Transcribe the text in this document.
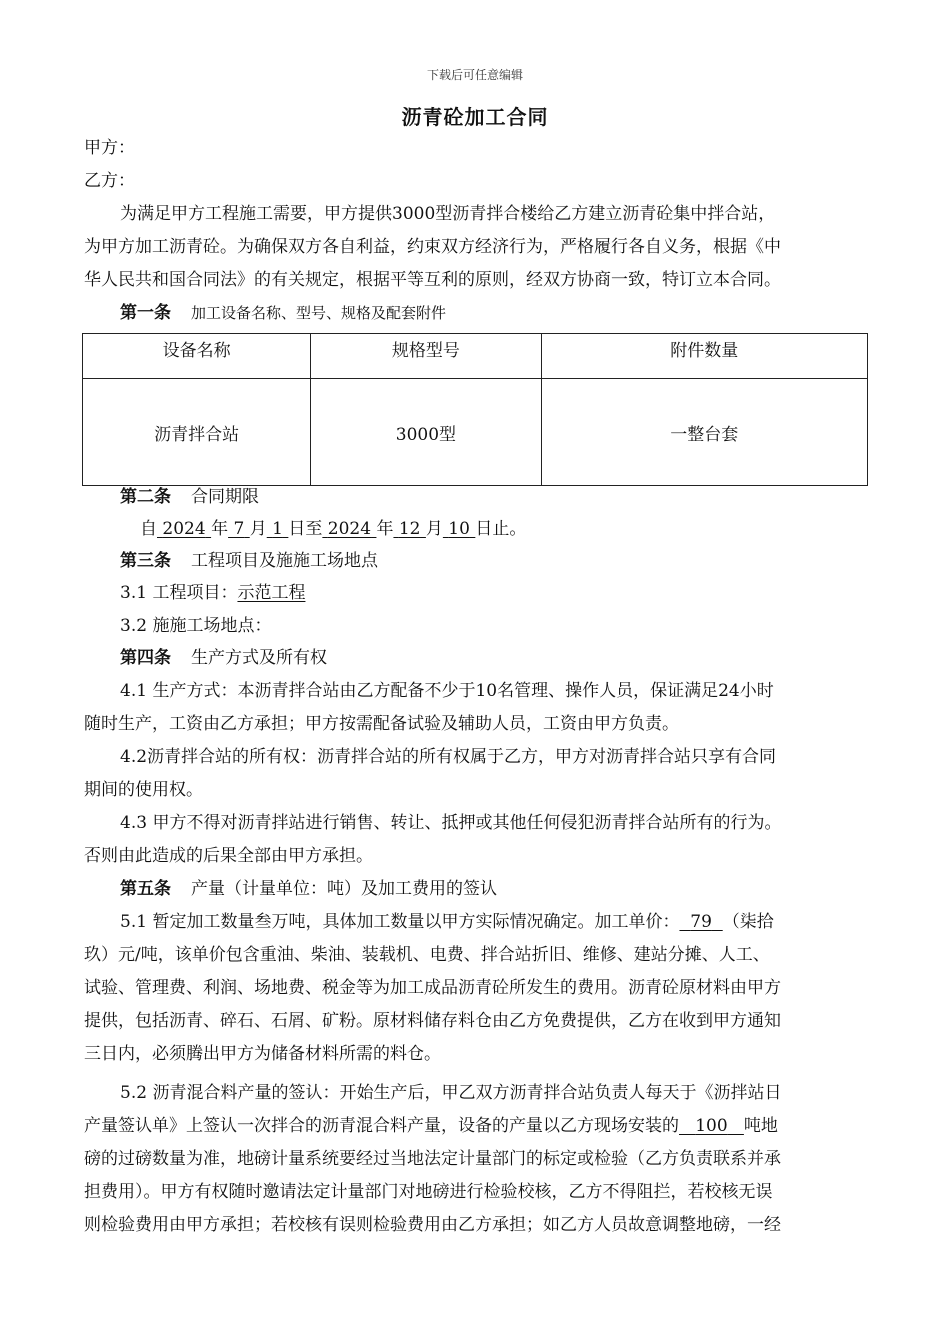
下载后可任意编辑
沥青砼加工合同
甲方：
乙方：
为满足甲方工程施工需要，甲方提供3000型沥青拌合楼给乙方建立沥青砼集中拌合站，
为甲方加工沥青砼。为确保双方各自利益，约束双方经济行为，严格履行各自义务，根据《中
华人民共和国合同法》的有关规定，根据平等互利的原则，经双方协商一致，特订立本合同。
第一条 加工设备名称、型号、规格及配套附件
设备名称	规格型号	附件数量
沥青拌合站	3000型	一整台套
第二条 合同期限
自 2024 年 7 月 1 日至 2024 年 12 月 10 日止。
第三条 工程项目及施施工场地点
3.1 工程项目：示范工程
3.2 施施工场地点：
第四条 生产方式及所有权
4.1 生产方式：本沥青拌合站由乙方配备不少于10名管理、操作人员，保证满足24小时
随时生产，工资由乙方承担；甲方按需配备试验及辅助人员，工资由甲方负责。
4.2沥青拌合站的所有权：沥青拌合站的所有权属于乙方，甲方对沥青拌合站只享有合同
期间的使用权。
4.3 甲方不得对沥青拌站进行销售、转让、抵押或其他任何侵犯沥青拌合站所有的行为。
否则由此造成的后果全部由甲方承担。
第五条 产量（计量单位：吨）及加工费用的签认
5.1 暂定加工数量叁万吨，具体加工数量以甲方实际情况确定。加工单价： 79 （柒拾
玖）元/吨，该单价包含重油、柴油、装载机、电费、拌合站折旧、维修、建站分摊、人工、
试验、管理费、利润、场地费、税金等为加工成品沥青砼所发生的费用。沥青砼原材料由甲方
提供，包括沥青、碎石、石屑、矿粉。原材料储存料仓由乙方免费提供，乙方在收到甲方通知
三日内，必须腾出甲方为储备材料所需的料仓。
5.2 沥青混合料产量的签认：开始生产后，甲乙双方沥青拌合站负责人每天于《沥拌站日
产量签认单》上签认一次拌合的沥青混合料产量，设备的产量以乙方现场安装的 100 吨地
磅的过磅数量为准，地磅计量系统要经过当地法定计量部门的标定或检验（乙方负责联系并承
担费用）。甲方有权随时邀请法定计量部门对地磅进行检验校核，乙方不得阻拦，若校核无误
则检验费用由甲方承担；若校核有误则检验费用由乙方承担；如乙方人员故意调整地磅，一经
